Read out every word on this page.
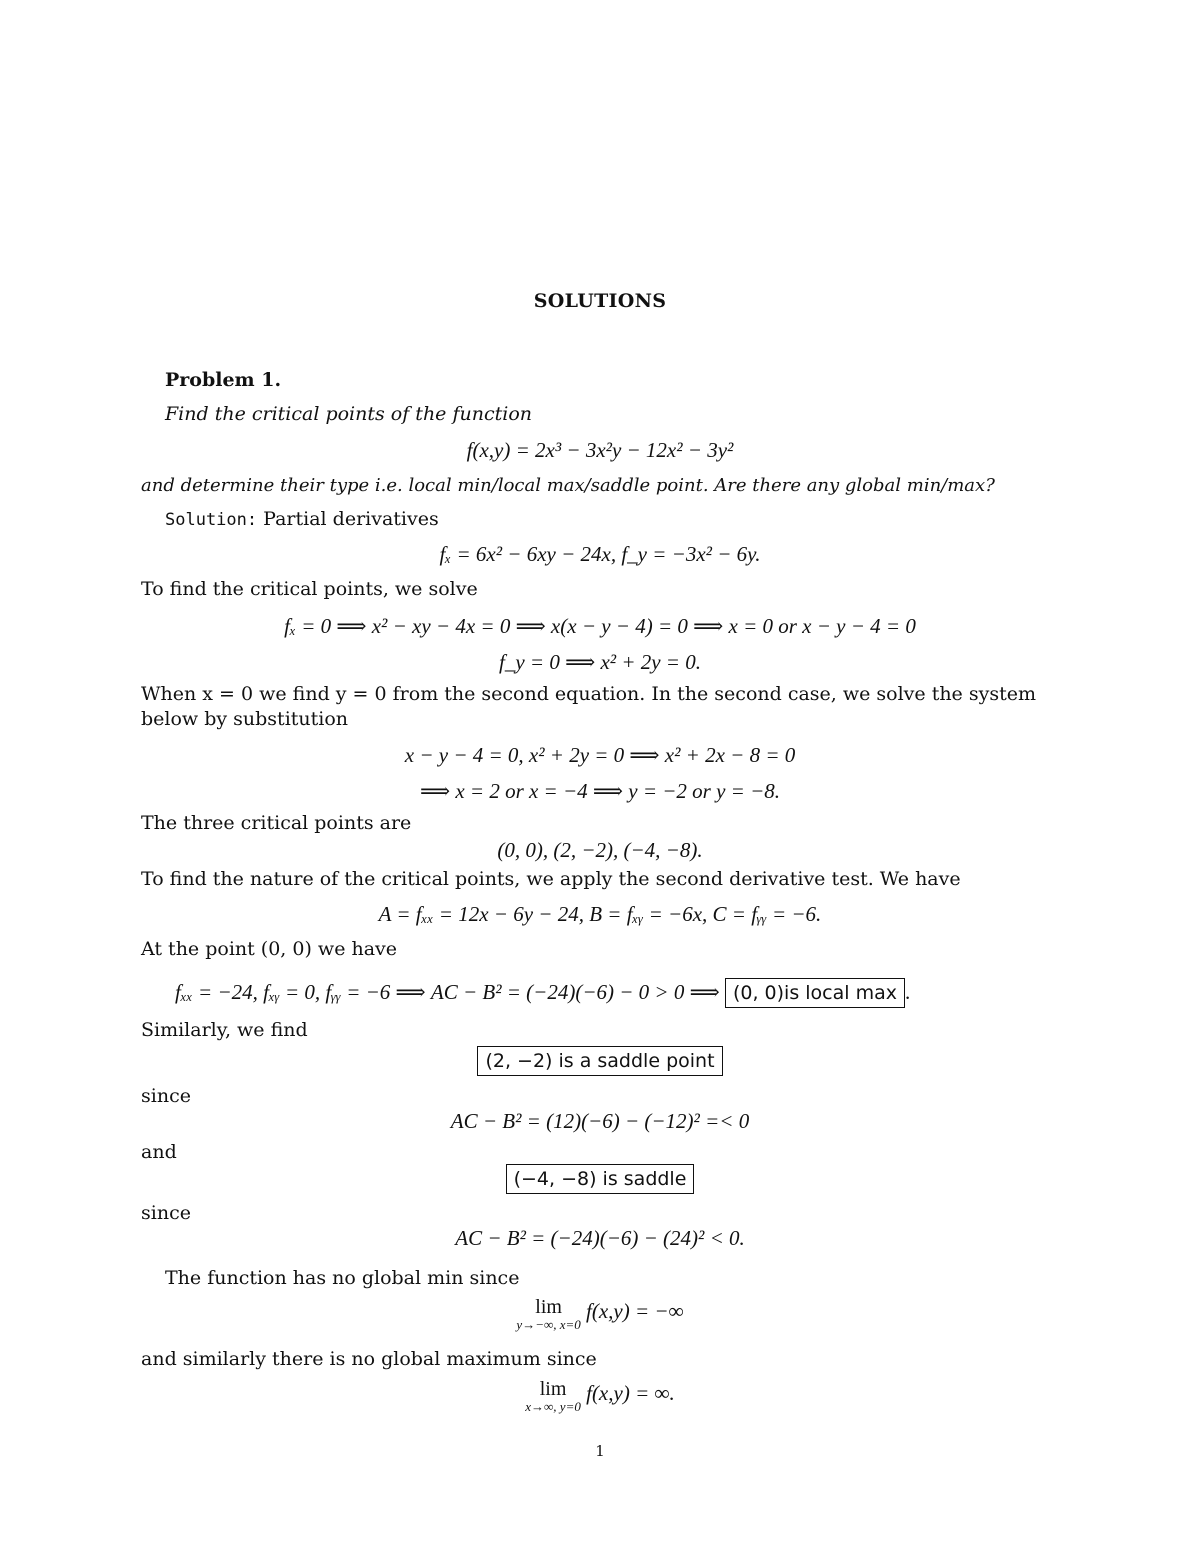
SOLUTIONS
Problem 1.
Find the critical points of the function
f(x,y) = 2x³ − 3x²y − 12x² − 3y²
and determine their type i.e. local min/local max/saddle point. Are there any global min/max?
Solution: Partial derivatives
fₓ = 6x² − 6xy − 24x, f_y = −3x² − 6y.
To find the critical points, we solve
fₓ = 0 ⟹ x² − xy − 4x = 0 ⟹ x(x − y − 4) = 0 ⟹ x = 0 or x − y − 4 = 0
f_y = 0 ⟹ x² + 2y = 0.
When x = 0 we find y = 0 from the second equation. In the second case, we solve the system
below by substitution
x − y − 4 = 0, x² + 2y = 0 ⟹ x² + 2x − 8 = 0
⟹ x = 2 or x = −4 ⟹ y = −2 or y = −8.
The three critical points are
(0, 0), (2, −2), (−4, −8).
To find the nature of the critical points, we apply the second derivative test. We have
A = fₓₓ = 12x − 6y − 24, B = fₓᵧ = −6x, C = fᵧᵧ = −6.
At the point (0, 0) we have
fₓₓ = −24, fₓᵧ = 0, fᵧᵧ = −6 ⟹ AC − B² = (−24)(−6) − 0 > 0 ⟹ (0, 0)is local max .
Similarly, we find
(2, −2) is a saddle point
since
AC − B² = (12)(−6) − (−12)² =< 0
and
(−4, −8) is saddle
since
AC − B² = (−24)(−6) − (24)² < 0.
The function has no global min since
lim
y→−∞, x=0
f(x,y) = −∞
and similarly there is no global maximum since
lim
x→∞, y=0
f(x,y) = ∞.
1
